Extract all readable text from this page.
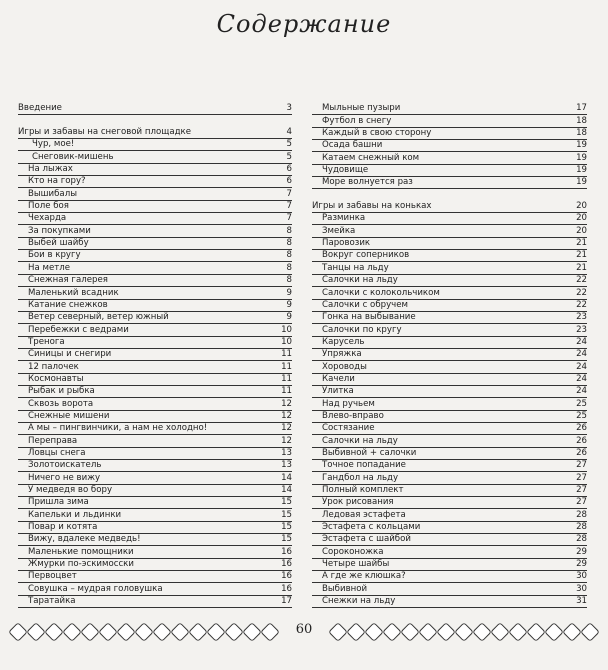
Содержание
Введение	3
Игры и забавы на снеговой площадке	4
Чур, мое!	5
Снеговик-мишень	5
На лыжах	6
Кто на гору?	6
Вышибалы	7
Поле боя	7
Чехарда	7
За покупками	8
Выбей шайбу	8
Бои в кругу	8
На метле	8
Снежная галерея	8
Маленький всадник	9
Катание снежков	9
Ветер северный, ветер южный	9
Перебежки с ведрами	10
Тренога	10
Синицы и снегири	11
12 палочек	11
Космонавты	11
Рыбак и рыбка	11
Сквозь ворота	12
Снежные мишени	12
А мы – пингвинчики, а нам не холодно!	12
Переправа	12
Ловцы снега	13
Золотоискатель	13
Ничего не вижу	14
У медведя во бору	14
Пришла зима	15
Капельки и льдинки	15
Повар и котята	15
Вижу, вдалеке медведь!	15
Маленькие помощники	16
Жмурки по-эскимосски	16
Первоцвет	16
Совушка – мудрая головушка	16
Таратайка	17
Мыльные пузыри	17
Футбол в снегу	18
Каждый в свою сторону	18
Осада башни	19
Катаем снежный ком	19
Чудовище	19
Море волнуется раз	19
Игры и забавы на коньках	20
Разминка	20
Змейка	20
Паровозик	21
Вокруг соперников	21
Танцы на льду	21
Салочки на льду	22
Салочки с колокольчиком	22
Салочки с обручем	22
Гонка на выбывание	23
Салочки по кругу	23
Карусель	24
Упряжка	24
Хороводы	24
Качели	24
Улитка	24
Над ручьем	25
Влево-вправо	25
Состязание	26
Салочки на льду	26
Выбивной + салочки	26
Точное попадание	27
Гандбол на льду	27
Полный комплект	27
Урок рисования	27
Ледовая эстафета	28
Эстафета с кольцами	28
Эстафета с шайбой	28
Сороконожка	29
Четыре шайбы	29
А где же клюшка?	30
Выбивной	30
Снежки на льду	31
60
